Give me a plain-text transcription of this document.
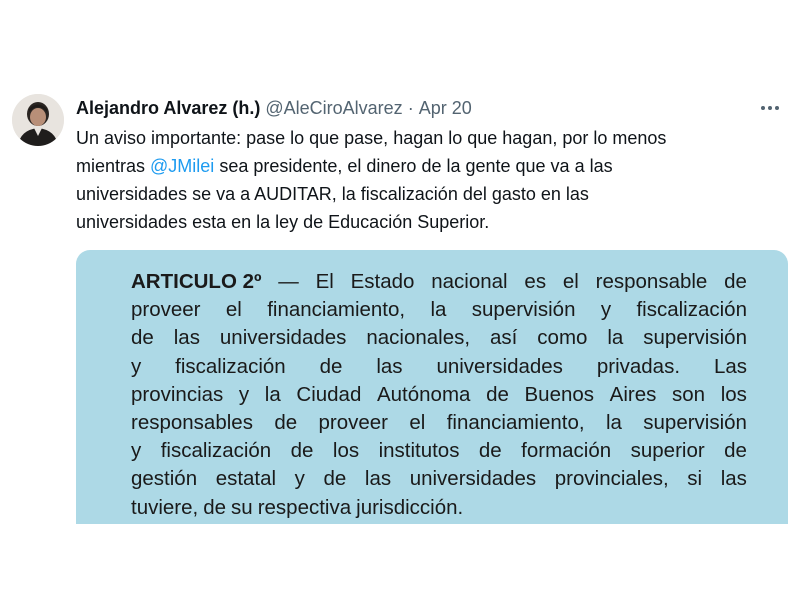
Alejandro Alvarez (h.) @AleCiroAlvarez · Apr 20
Un aviso importante: pase lo que pase, hagan lo que hagan, por lo menos
mientras @JMilei sea presidente, el dinero de la gente que va a las
universidades se va a AUDITAR, la fiscalización del gasto en las
universidades esta en la ley de Educación Superior.
ARTICULO 2º — El Estado nacional es el responsable de
proveer el financiamiento, la supervisión y fiscalización
de las universidades nacionales, así como la supervisión
y fiscalización de las universidades privadas. Las
provincias y la Ciudad Autónoma de Buenos Aires son los
responsables de proveer el financiamiento, la supervisión
y fiscalización de los institutos de formación superior de
gestión estatal y de las universidades provinciales, si las
tuviere, de su respectiva jurisdicción.
